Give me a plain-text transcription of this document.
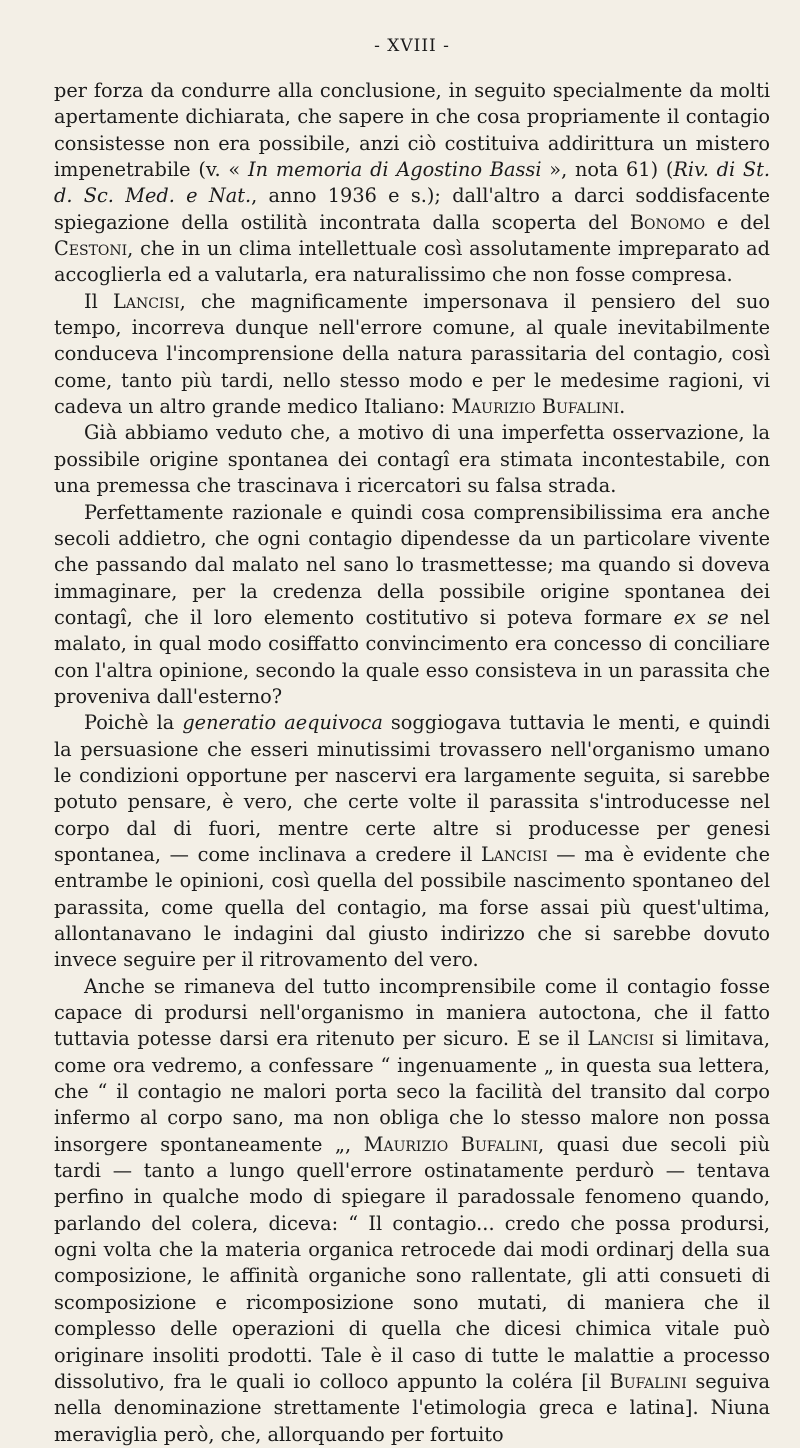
- XVIII -

per forza da condurre alla conclusione, in seguito specialmente da molti apertamente dichiarata, che sapere in che cosa propriamente il contagio consistesse non era possibile, anzi ciò costituiva addirittura un mistero impenetrabile (v. « In memoria di Agostino Bassi », nota 61) (Riv. di St. d. Sc. Med. e Nat., anno 1936 e s.); dall'altro a darci soddisfacente spiegazione della ostilità incontrata dalla scoperta del Bonomo e del Cestoni, che in un clima intellettuale così assolutamente impreparato ad accoglierla ed a valutarla, era naturalissimo che non fosse compresa.

Il Lancisi, che magnificamente impersonava il pensiero del suo tempo, incorreva dunque nell'errore comune, al quale inevitabilmente conduceva l'incomprensione della natura parassitaria del contagio, così come, tanto più tardi, nello stesso modo e per le medesime ragioni, vi cadeva un altro grande medico Italiano: Maurizio Bufalini.

Già abbiamo veduto che, a motivo di una imperfetta osservazione, la possibile origine spontanea dei contagî era stimata incontestabile, con una premessa che trascinava i ricercatori su falsa strada.

Perfettamente razionale e quindi cosa comprensibilissima era anche secoli addietro, che ogni contagio dipendesse da un particolare vivente che passando dal malato nel sano lo trasmettesse; ma quando si doveva immaginare, per la credenza della possibile origine spontanea dei contagî, che il loro elemento costitutivo si poteva formare ex se nel malato, in qual modo cosiffatto convincimento era concesso di conciliare con l'altra opinione, secondo la quale esso consisteva in un parassita che proveniva dall'esterno?

Poichè la generatio aequivoca soggiogava tuttavia le menti, e quindi la persuasione che esseri minutissimi trovassero nell'organismo umano le condizioni opportune per nascervi era largamente seguita, si sarebbe potuto pensare, è vero, che certe volte il parassita s'introducesse nel corpo dal di fuori, mentre certe altre si producesse per genesi spontanea, — come inclinava a credere il Lancisi — ma è evidente che entrambe le opinioni, così quella del possibile nascimento spontaneo del parassita, come quella del contagio, ma forse assai più quest'ultima, allontanavano le indagini dal giusto indirizzo che si sarebbe dovuto invece seguire per il ritrovamento del vero.

Anche se rimaneva del tutto incomprensibile come il contagio fosse capace di prodursi nell'organismo in maniera autoctona, che il fatto tuttavia potesse darsi era ritenuto per sicuro. E se il Lancisi si limitava, come ora vedremo, a confessare “ ingenuamente „ in questa sua lettera, che “ il contagio ne malori porta seco la facilità del transito dal corpo infermo al corpo sano, ma non obliga che lo stesso malore non possa insorgere spontaneamente „, Maurizio Bufalini, quasi due secoli più tardi — tanto a lungo quell'errore ostinatamente perdurò — tentava perfino in qualche modo di spiegare il paradossale fenomeno quando, parlando del colera, diceva: “ Il contagio... credo che possa prodursi, ogni volta che la materia organica retrocede dai modi ordinarj della sua composizione, le affinità organiche sono rallentate, gli atti consueti di scomposizione e ricomposizione sono mutati, di maniera che il complesso delle operazioni di quella che dicesi chimica vitale può originare insoliti prodotti. Tale è il caso di tutte le malattie a processo dissolutivo, fra le quali io colloco appunto la coléra [il Bufalini seguiva nella denominazione strettamente l'etimologia greca e latina]. Niuna meraviglia però, che, allorquando per fortuito
